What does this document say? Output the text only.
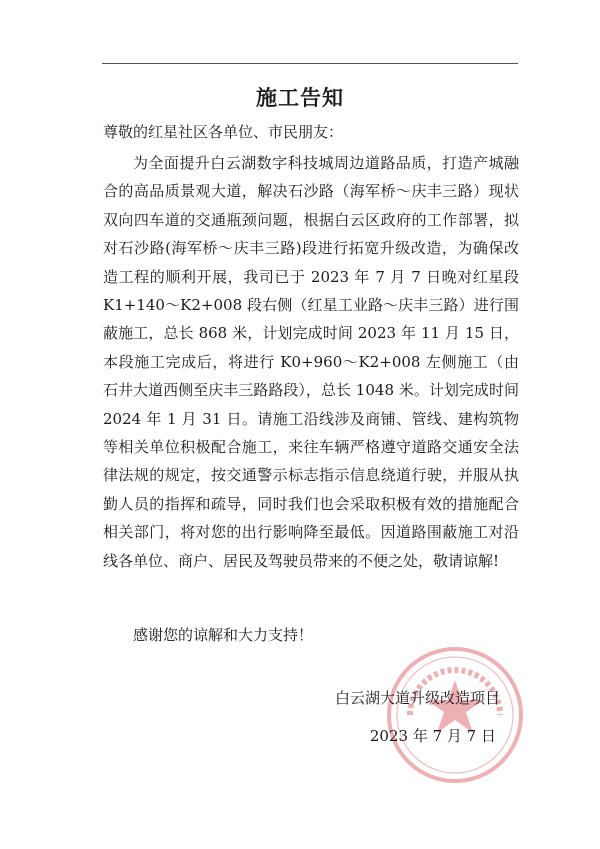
施工告知
尊敬的红星社区各单位、市民朋友：

为全面提升白云湖数字科技城周边道路品质，打造产城融合的高品质景观大道，解决石沙路（海军桥～庆丰三路）现状双向四车道的交通瓶颈问题，根据白云区政府的工作部署，拟对石沙路(海军桥～庆丰三路)段进行拓宽升级改造，为确保改造工程的顺利开展，我司已于 2023 年 7 月 7 日晚对红星段 K1+140～K2+008 段右侧（红星工业路～庆丰三路）进行围蔽施工，总长 868 米，计划完成时间 2023 年 11 月 15 日，本段施工完成后，将进行 K0+960～K2+008 左侧施工（由石井大道西侧至庆丰三路路段），总长 1048 米。计划完成时间 2024 年 1 月 31 日。请施工沿线涉及商铺、管线、建构筑物等相关单位积极配合施工，来往车辆严格遵守道路交通安全法律法规的规定，按交通警示标志指示信息绕道行驶，并服从执勤人员的指挥和疏导，同时我们也会采取积极有效的措施配合相关部门，将对您的出行影响降至最低。因道路围蔽施工对沿线各单位、商户、居民及驾驶员带来的不便之处，敬请谅解!

感谢您的谅解和大力支持！
白云湖大道升级改造项目
2023 年 7 月 7 日
